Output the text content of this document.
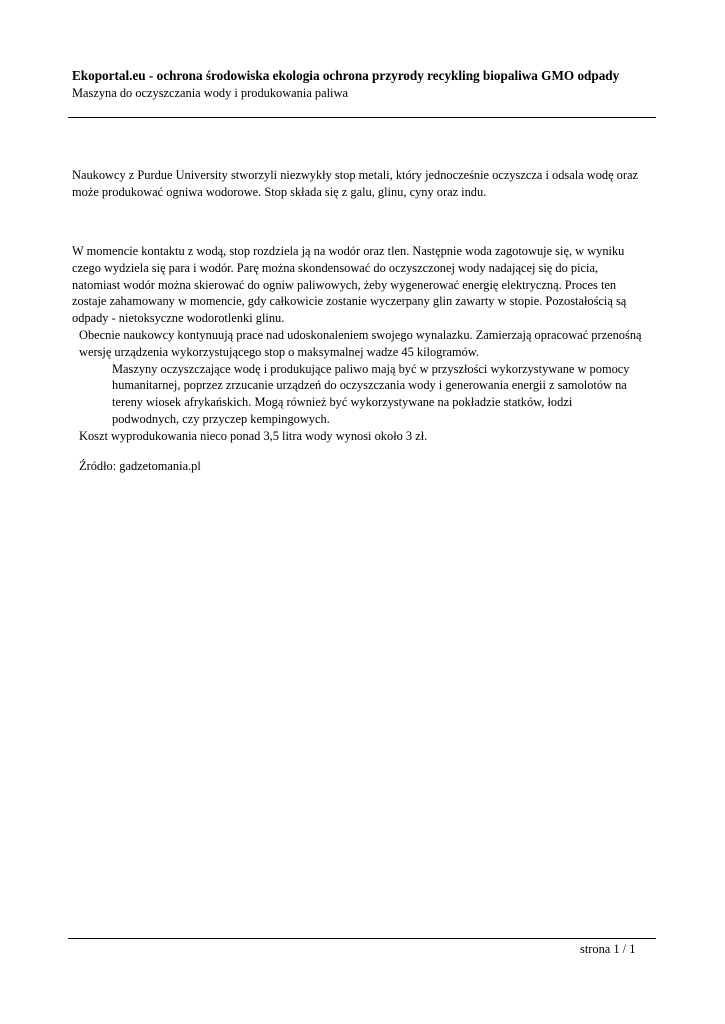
Ekoportal.eu - ochrona środowiska ekologia ochrona przyrody recykling biopaliwa GMO odpady
Maszyna do oczyszczania wody i produkowania paliwa

Naukowcy z Purdue University stworzyli niezwykły stop metali, który jednocześnie oczyszcza i odsala wodę oraz może produkować ogniwa wodorowe. Stop składa się z galu, glinu, cyny oraz indu.

W momencie kontaktu z wodą, stop rozdziela ją na wodór oraz tlen. Następnie woda zagotowuje się, w wyniku czego wydziela się para i wodór. Parę można skondensować do oczyszczonej wody nadającej się do picia, natomiast wodór można skierować do ogniw paliwowych, żeby wygenerować energię elektryczną. Proces ten zostaje zahamowany w momencie, gdy całkowicie zostanie wyczerpany glin zawarty w stopie. Pozostałością są odpady - nietoksyczne wodorotlenki glinu.

Obecnie naukowcy kontynuują prace nad udoskonaleniem swojego wynalazku. Zamierzają opracować przenośną wersję urządzenia wykorzystującego stop o maksymalnej wadze 45 kilogramów.

Maszyny oczyszczające wodę i produkujące paliwo mają być w przyszłości wykorzystywane w pomocy humanitarnej, poprzez zrzucanie urządzeń do oczyszczania wody i generowania energii z samolotów na tereny wiosek afrykańskich. Mogą również być wykorzystywane na pokładzie statków, łodzi podwodnych, czy przyczep kempingowych.

Koszt wyprodukowania nieco ponad 3,5 litra wody wynosi około 3 zł.

Źródło: gadzetomania.pl
strona 1 / 1
